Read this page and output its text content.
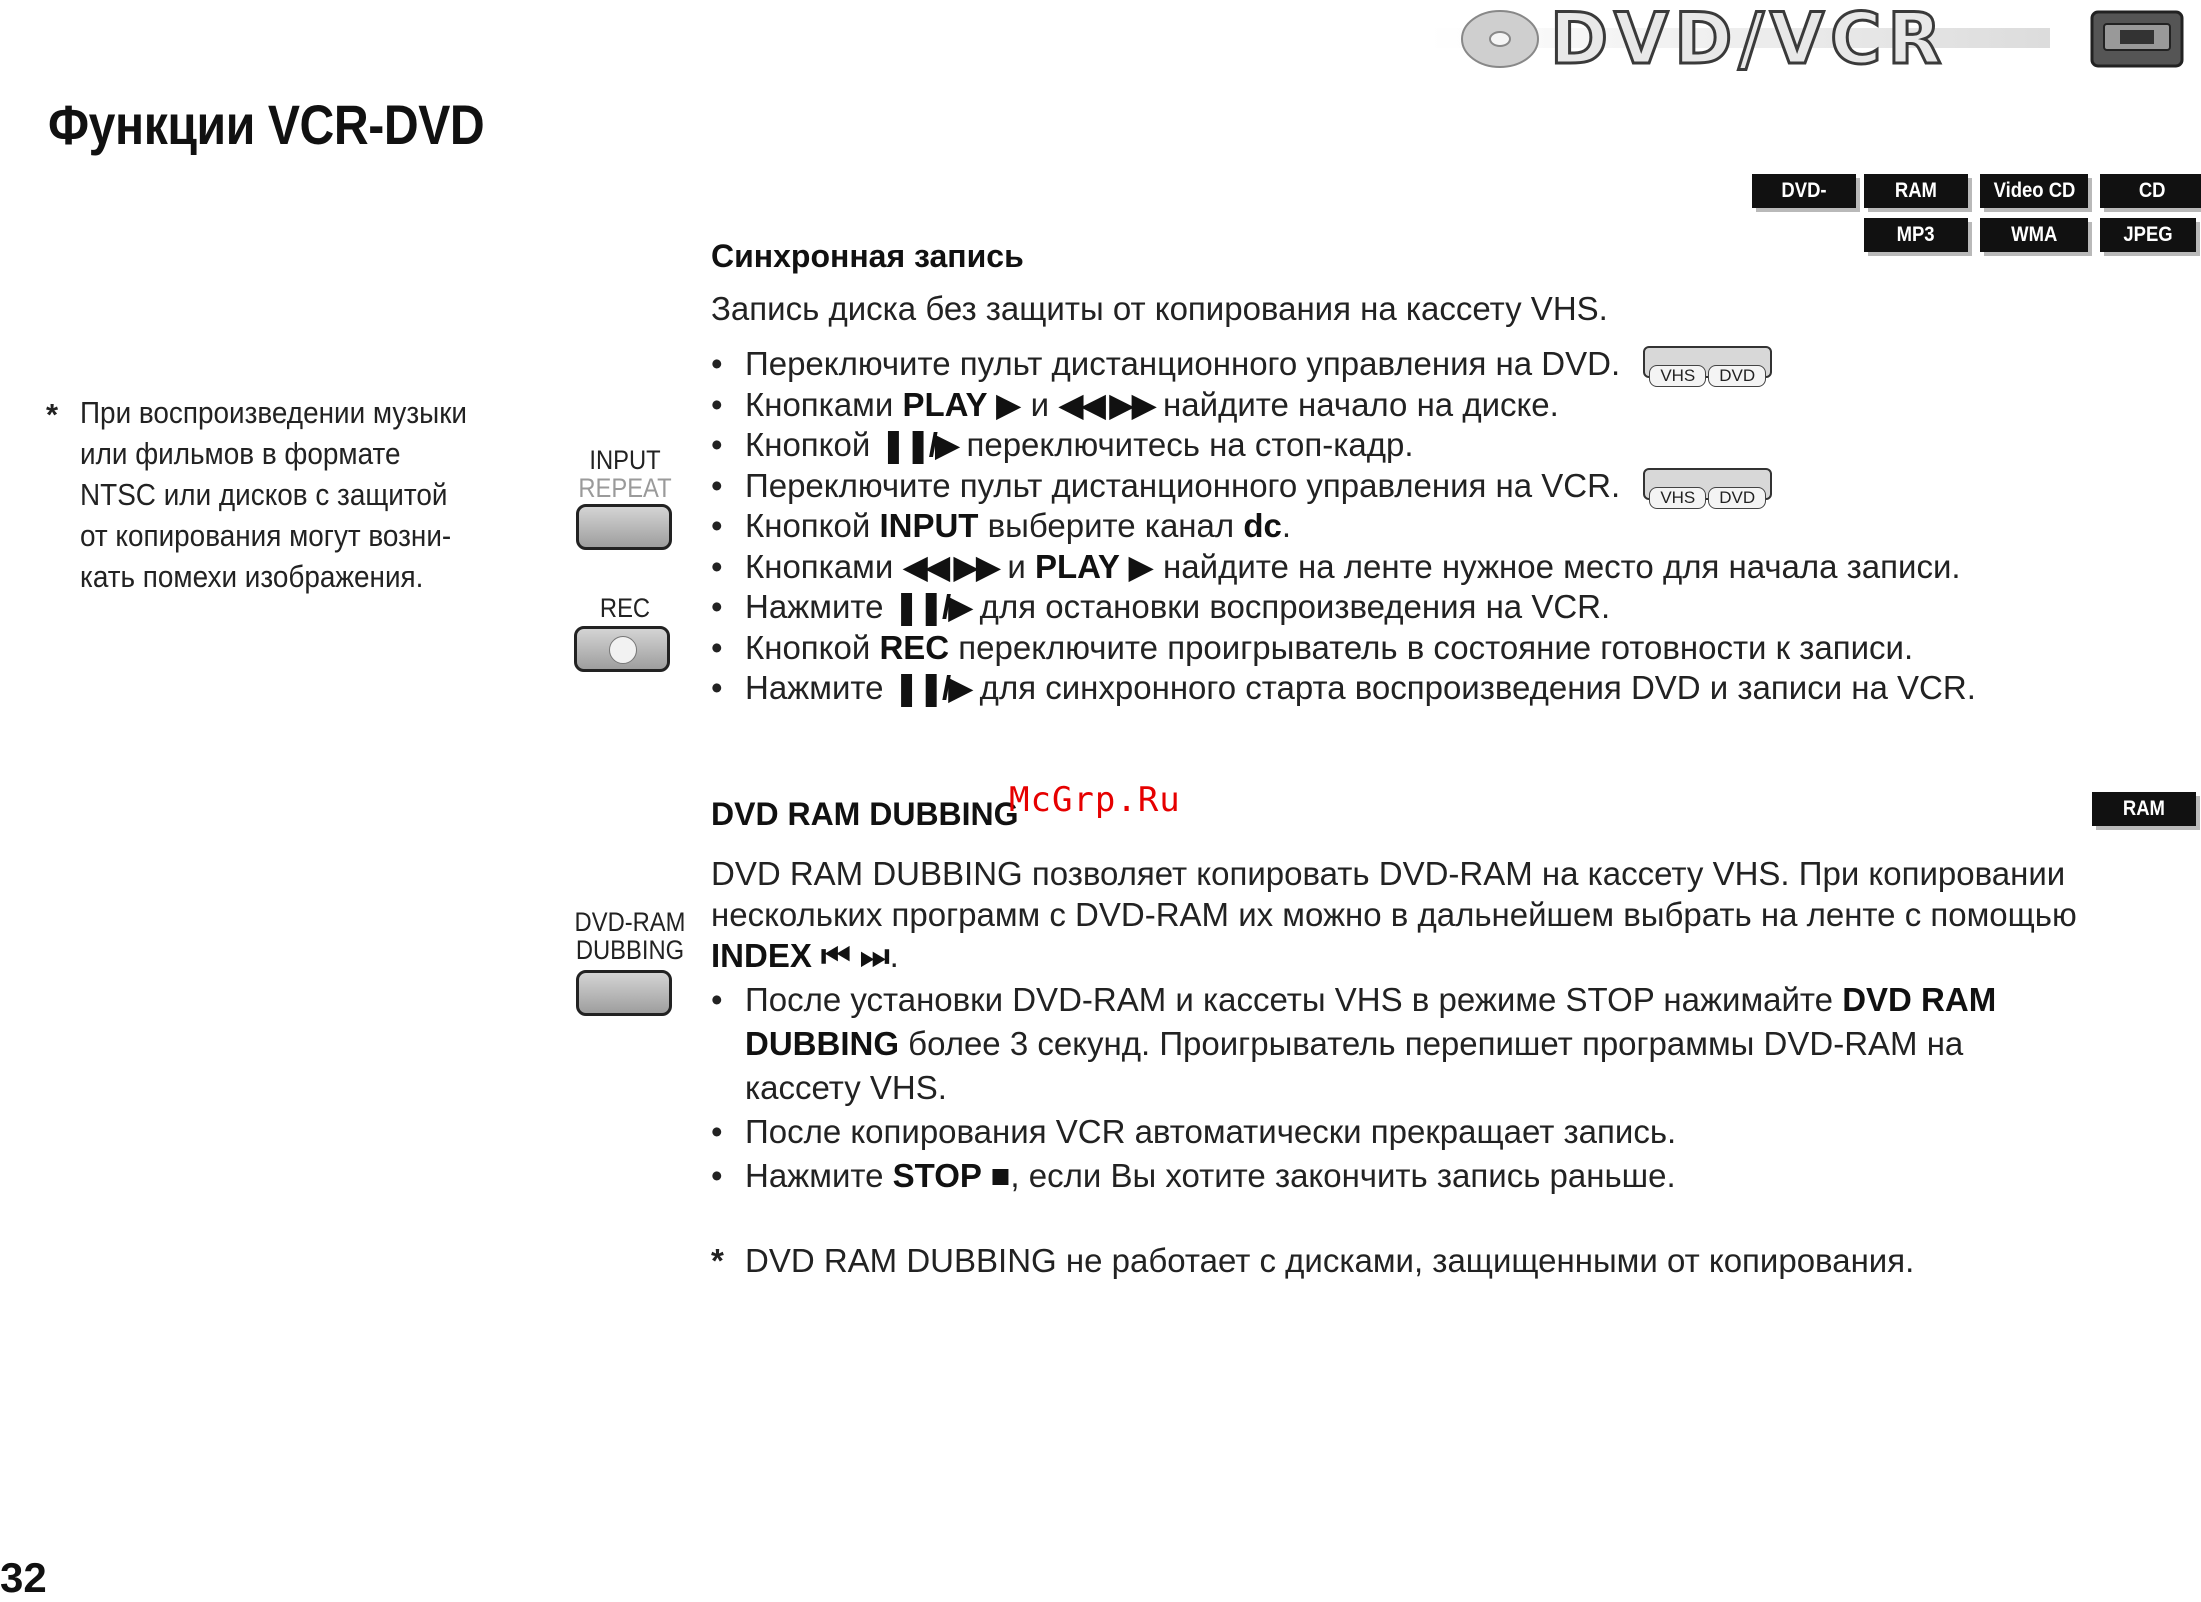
DVD/VCR
Функции VCR-DVD
DVD-Video
RAM	Video CD	CD
MP3	WMA	JPEG
RAM
* При воспроизведении музыки
или фильмов в формате
NTSC или дисков с защитой
от копирования могут возни-
кать помехи изображения.
INPUT
REPEAT
REC
DVD-RAM
DUBBING
Синхронная запись
Запись диска без защиты от копирования на кассету VHS.
• Переключите пульт дистанционного управления на DVD. VHS DVD
• Кнопками PLAY ▶ и ◀◀ ▶▶ найдите начало на диске.
• Кнопкой ❚❚/▶ переключитесь на стоп-кадр.
• Переключите пульт дистанционного управления на VCR. VHS DVD
• Кнопкой INPUT выберите канал dc.
• Кнопками ◀◀ ▶▶ и PLAY ▶ найдите на ленте нужное место для начала записи.
• Нажмите ❚❚/▶ для остановки воспроизведения на VCR.
• Кнопкой REC переключите проигрыватель в состояние готовности к записи.
• Нажмите ❚❚/▶ для синхронного старта воспроизведения DVD и записи на VCR.
DVD RAM DUBBING
McGrp.Ru
DVD RAM DUBBING позволяет копировать DVD-RAM на кассету VHS. При копировании
нескольких программ с DVD-RAM их можно в дальнейшем выбрать на ленте с помощью
INDEX ⏮ ⏭.
• После установки DVD-RAM и кассеты VHS в режиме STOP нажимайте DVD RAM
DUBBING более 3 секунд. Проигрыватель перепишет программы DVD-RAM на
кассету VHS.
• После копирования VCR автоматически прекращает запись.
• Нажмите STOP ■, если Вы хотите закончить запись раньше.
* DVD RAM DUBBING не работает с дисками, защищенными от копирования.
32
